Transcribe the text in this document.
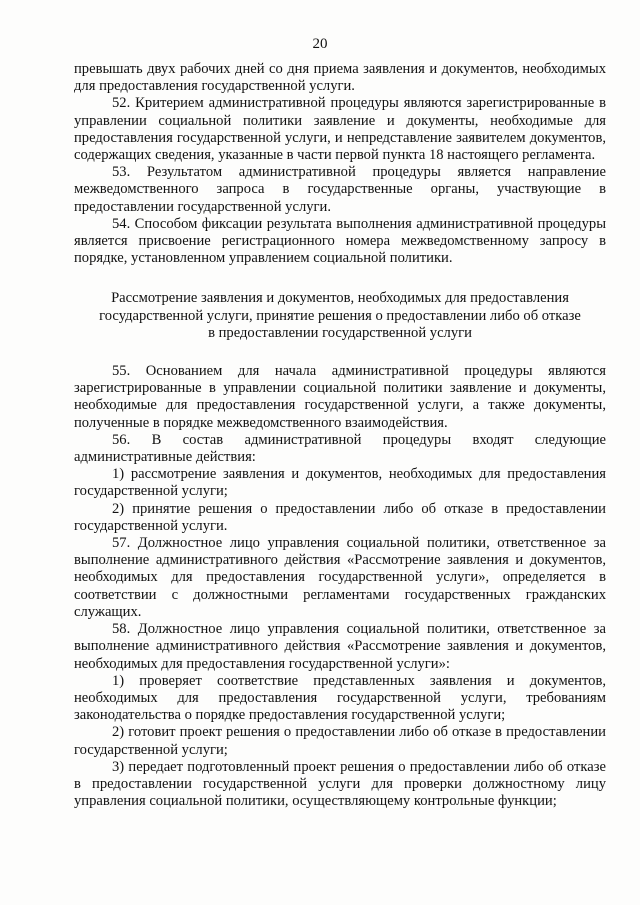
20

превышать двух рабочих дней со дня приема заявления и документов, необходимых для предоставления государственной услуги.

52. Критерием административной процедуры являются зарегистрированные в управлении социальной политики заявление и документы, необходимые для предоставления государственной услуги, и непредставление заявителем документов, содержащих сведения, указанные в части первой пункта 18 настоящего регламента.

53. Результатом административной процедуры является направление межведомственного запроса в государственные органы, участвующие в предоставлении государственной услуги.

54. Способом фиксации результата выполнения административной процедуры является присвоение регистрационного номера межведомственному запросу в порядке, установленном управлением социальной политики.

Рассмотрение заявления и документов, необходимых для предоставления
государственной услуги, принятие решения о предоставлении либо об отказе
в предоставлении государственной услуги

55. Основанием для начала административной процедуры являются зарегистрированные в управлении социальной политики заявление и документы, необходимые для предоставления государственной услуги, а также документы, полученные в порядке межведомственного взаимодействия.

56. В состав административной процедуры входят следующие административные действия:

1) рассмотрение заявления и документов, необходимых для предоставления государственной услуги;

2) принятие решения о предоставлении либо об отказе в предоставлении государственной услуги.

57. Должностное лицо управления социальной политики, ответственное за выполнение административного действия «Рассмотрение заявления и документов, необходимых для предоставления государственной услуги», определяется в соответствии с должностными регламентами государственных гражданских служащих.

58. Должностное лицо управления социальной политики, ответственное за выполнение административного действия «Рассмотрение заявления и документов, необходимых для предоставления государственной услуги»:

1) проверяет соответствие представленных заявления и документов, необходимых для предоставления государственной услуги, требованиям законодательства о порядке предоставления государственной услуги;

2) готовит проект решения о предоставлении либо об отказе в предоставлении государственной услуги;

3) передает подготовленный проект решения о предоставлении либо об отказе в предоставлении государственной услуги для проверки должностному лицу управления социальной политики, осуществляющему контрольные функции;
